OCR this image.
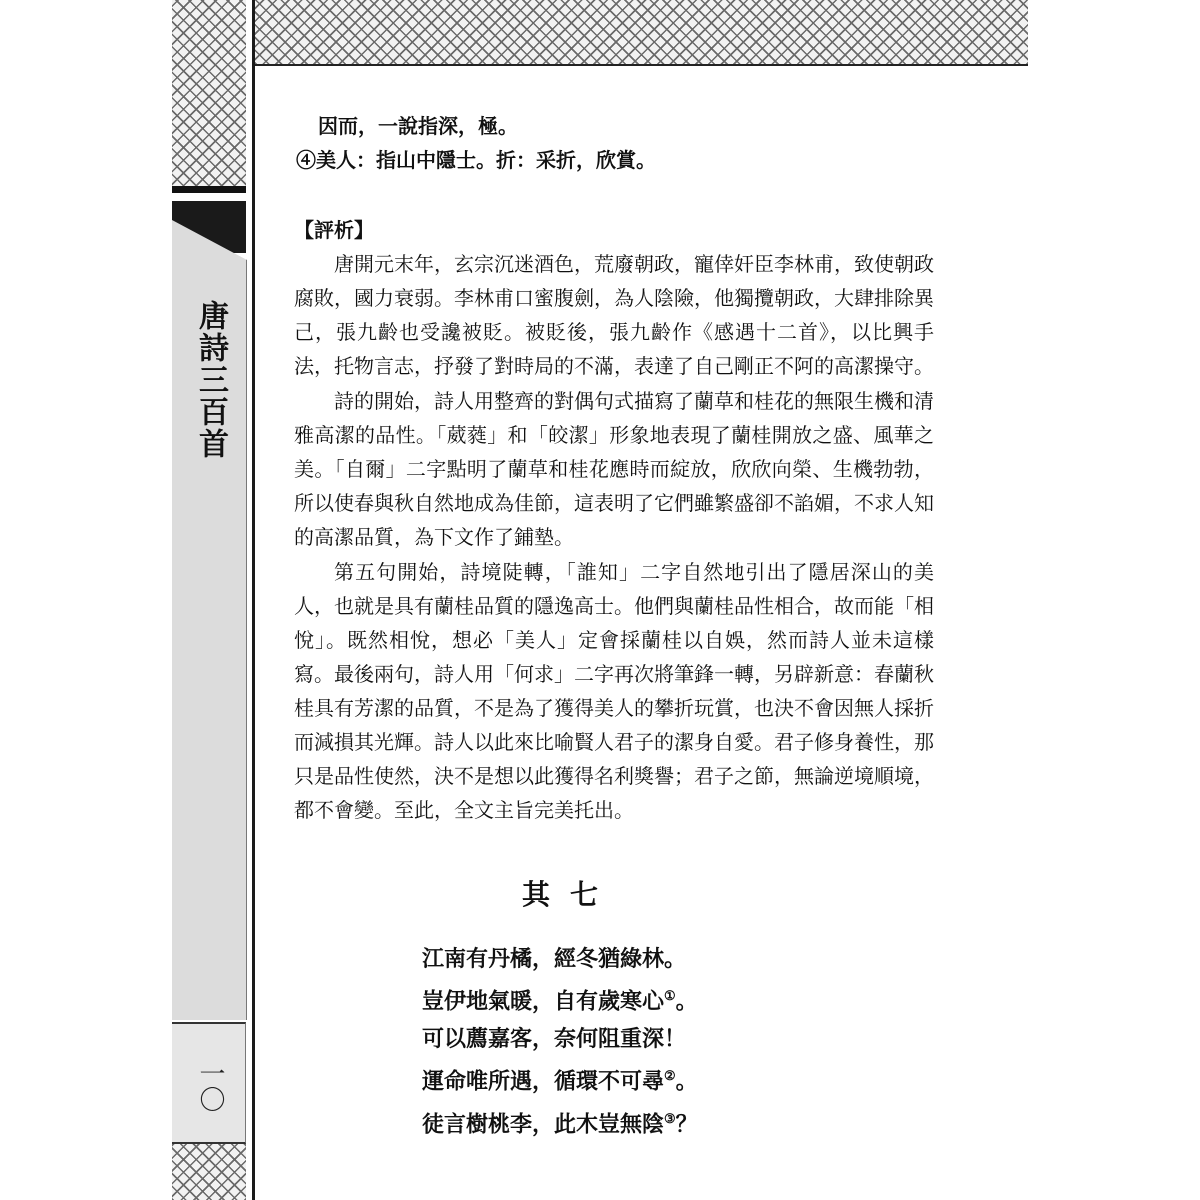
唐詩三百首
一〇

因而，一說指深，極。

④美人：指山中隱士。折：采折，欣賞。

【評析】

唐開元末年，玄宗沉迷酒色，荒廢朝政，寵倖奸臣李林甫，致使朝政腐敗，國力衰弱。李林甫口蜜腹劍，為人陰險，他獨攬朝政，大肆排除異己，張九齡也受讒被貶。被貶後，張九齡作《感遇十二首》，以比興手法，托物言志，抒發了對時局的不滿，表達了自己剛正不阿的高潔操守。

詩的開始，詩人用整齊的對偶句式描寫了蘭草和桂花的無限生機和清雅高潔的品性。「葳蕤」和「皎潔」形象地表現了蘭桂開放之盛、風華之美。「自爾」二字點明了蘭草和桂花應時而綻放，欣欣向榮、生機勃勃，所以使春與秋自然地成為佳節，這表明了它們雖繁盛卻不諂媚，不求人知的高潔品質，為下文作了鋪墊。

第五句開始，詩境陡轉，「誰知」二字自然地引出了隱居深山的美人，也就是具有蘭桂品質的隱逸高士。他們與蘭桂品性相合，故而能「相悅」。既然相悅，想必「美人」定會採蘭桂以自娛，然而詩人並未這樣寫。最後兩句，詩人用「何求」二字再次將筆鋒一轉，另辟新意：春蘭秋桂具有芳潔的品質，不是為了獲得美人的攀折玩賞，也決不會因無人採折而減損其光輝。詩人以此來比喻賢人君子的潔身自愛。君子修身養性，那只是品性使然，決不是想以此獲得名利獎譽；君子之節，無論逆境順境，都不會變。至此，全文主旨完美托出。

其七
江南有丹橘，經冬猶綠林。
豈伊地氣暖，自有歲寒心①。
可以薦嘉客，奈何阻重深！
運命唯所遇，循環不可尋②。
徒言樹桃李，此木豈無陰③？
